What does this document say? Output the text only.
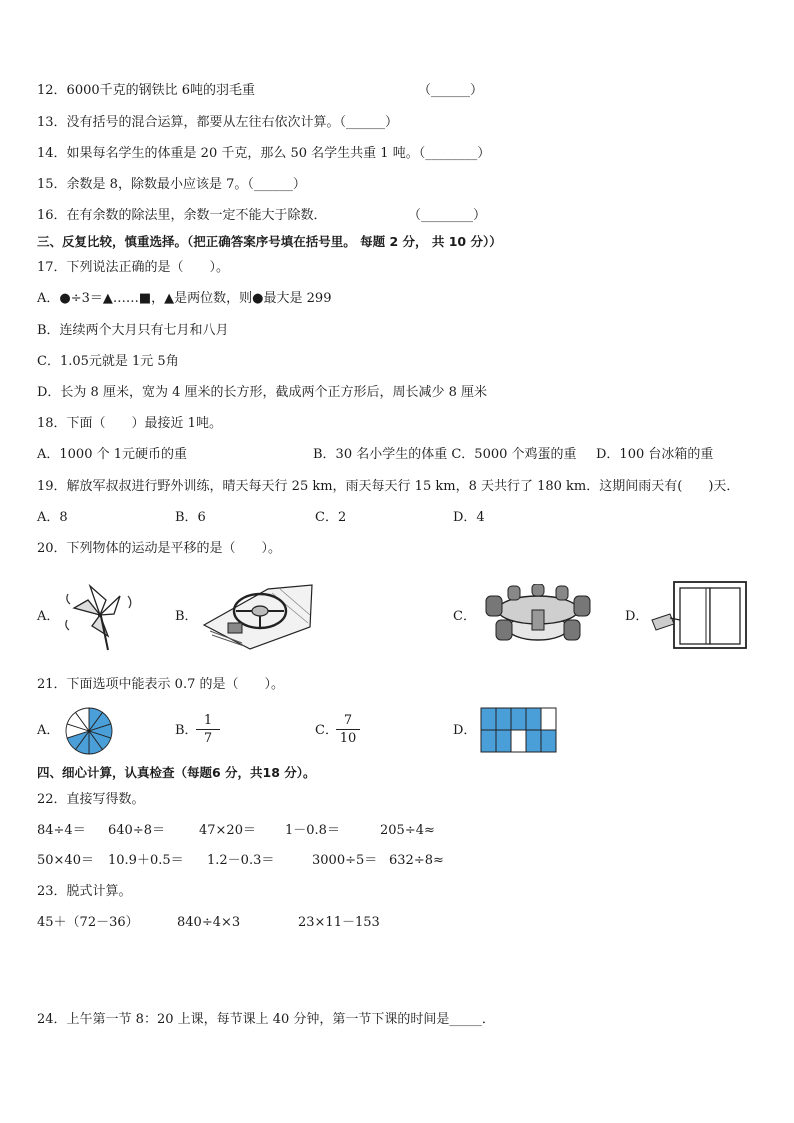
12．6000千克的钢铁比 6吨的羽毛重	（______）
13．没有括号的混合运算，都要从左往右依次计算。（______）
14．如果每名学生的体重是 20 千克，那么 50 名学生共重 1 吨。（________）
15．余数是 8，除数最小应该是 7。（______）
16．在有余数的除法里，余数一定不能大于除数．	（________）
三、反复比较，慎重选择。（把正确答案序号填在括号里。 每题 2 分， 共 10 分））
17．下列说法正确的是（　　）。
A．●÷3＝▲……■，▲是两位数，则●最大是 299
B．连续两个大月只有七月和八月
C．1.05元就是 1元 5角
D．长为 8 厘米，宽为 4 厘米的长方形，截成两个正方形后，周长减少 8 厘米
18．下面（　　）最接近 1吨。
A．1000 个 1元硬币的重	B．30 名小学生的体重 C．5000 个鸡蛋的重 D．100 台冰箱的重
19．解放军叔叔进行野外训练，晴天每天行 25 km，雨天每天行 15 km，8 天共行了 180 km．这期间雨天有(　　)天．
A．8	B．6	C．2	D．4
20．下列物体的运动是平移的是（　　）。
A．	B．	C．	D．
21．下面选项中能表示 0.7 的是（　　）。
A．	B．
1
7
C．
7
10
D．
四、细心计算，认真检查（每题6 分，共18 分）。
22．直接写得数。
84÷4＝ 640÷8＝	47×20＝ 1－0.8＝	205÷4≈
50×40＝ 10.9＋0.5＝ 1.2－0.3＝	3000÷5＝ 632÷8≈
23．脱式计算。
45＋（72－36）	840÷4×3	23×11－153
24．上午第一节 8：20 上课，每节课上 40 分钟，第一节下课的时间是_____．
